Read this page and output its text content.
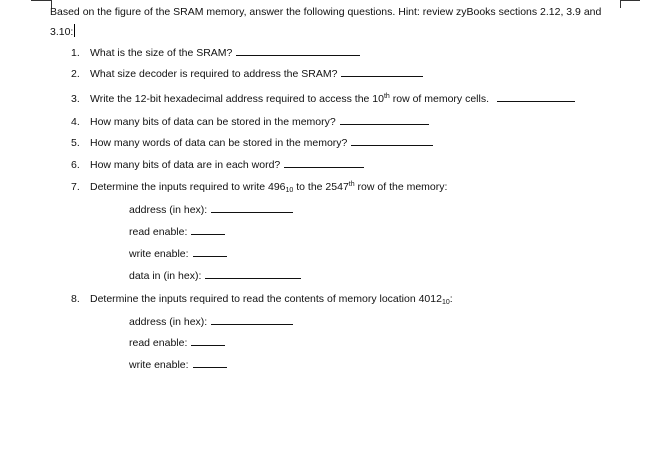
Based on the figure of the SRAM memory, answer the following questions. Hint: review zyBooks sections 2.12, 3.9 and
3.10:
1. What is the size of the SRAM?
2. What size decoder is required to address the SRAM?
3. Write the 12-bit hexadecimal address required to access the 10th row of memory cells.
4. How many bits of data can be stored in the memory?
5. How many words of data can be stored in the memory?
6. How many bits of data are in each word?
7. Determine the inputs required to write $496_{10}$ to the 2547th row of the memory:
address (in hex):
read enable:
write enable:
data in (in hex):
8. Determine the inputs required to read the contents of memory location $4012_{10}$:
address (in hex):
read enable:
write enable:
